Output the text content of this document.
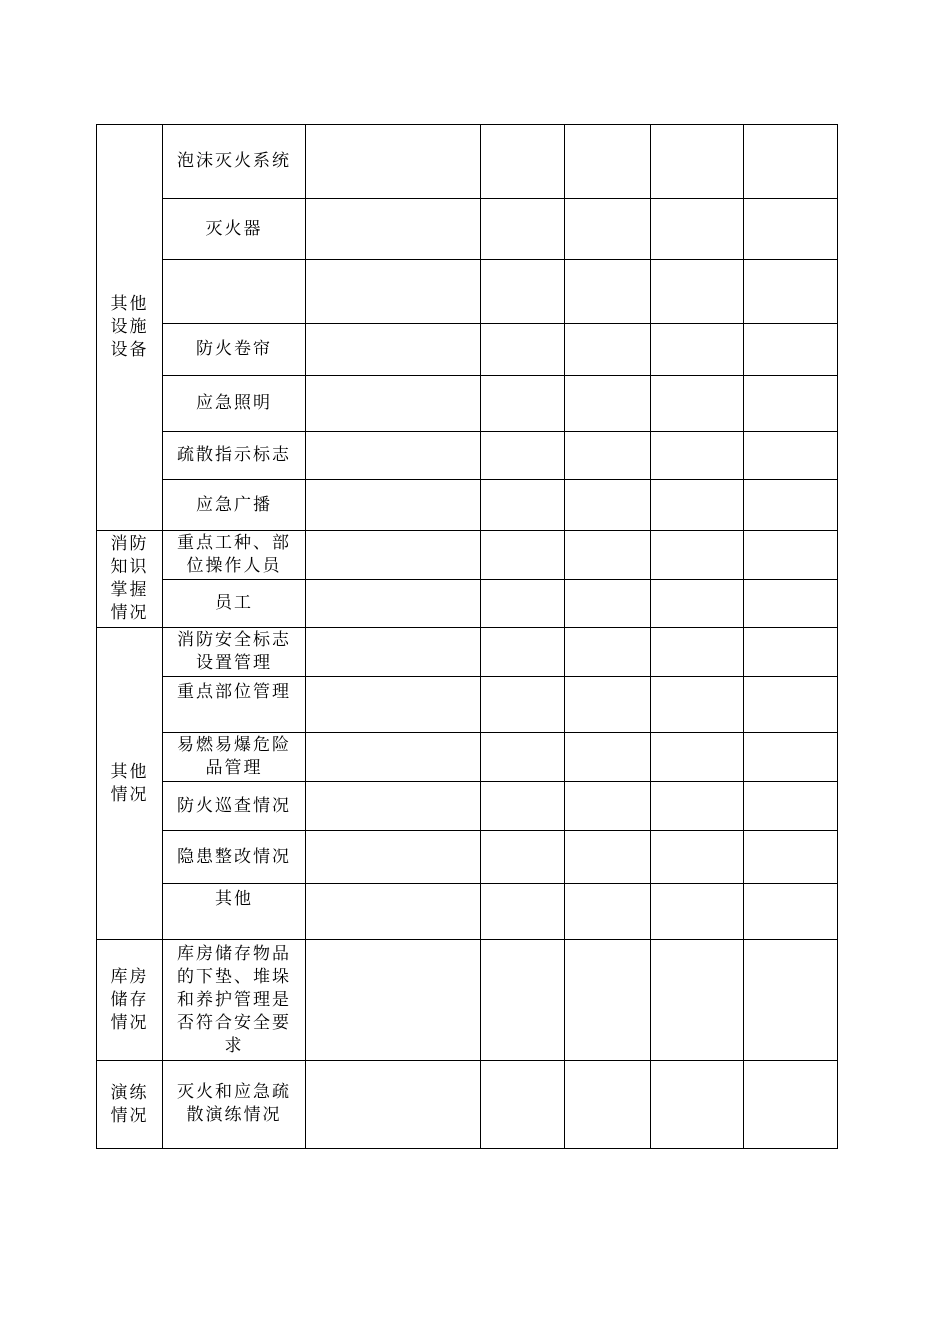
其他设施设备	泡沫灭火系统					
	灭火器					

	防火卷帘					
	应急照明					
	疏散指示标志					
	应急广播					
消防知识掌握情况	重点工种、部位操作人员					
	员工					
其他情况	消防安全标志设置管理					
	重点部位管理					
	易燃易爆危险品管理					
	防火巡查情况					
	隐患整改情况					
	其他					
库房储存情况	库房储存物品的下垫、堆垛和养护管理是否符合安全要求					
演练情况	灭火和应急疏散演练情况					
